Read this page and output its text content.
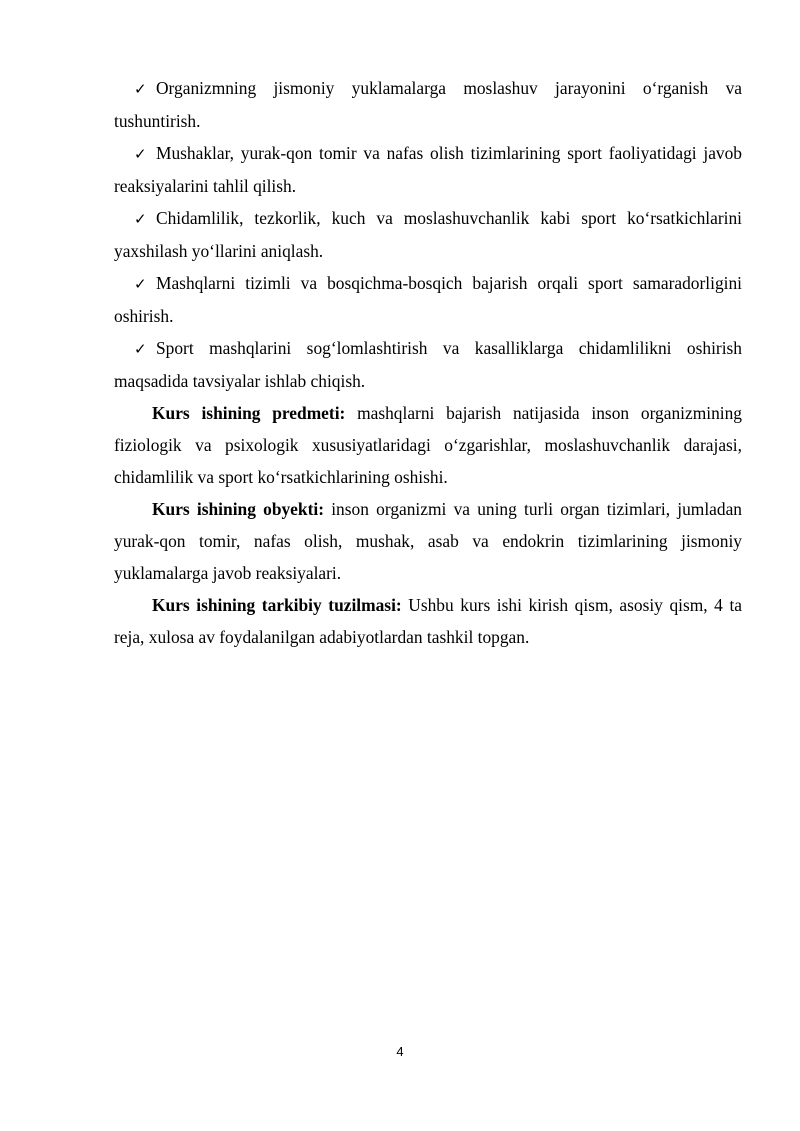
✓ Organizmning jismoniy yuklamalarga moslashuv jarayonini o‘rganish va tushuntirish.

✓ Mushaklar, yurak-qon tomir va nafas olish tizimlarining sport faoliyatidagi javob reaksiyalarini tahlil qilish.

✓ Chidamlilik, tezkorlik, kuch va moslashuvchanlik kabi sport ko‘rsatkichlarini yaxshilash yo‘llarini aniqlash.

✓ Mashqlarni tizimli va bosqichma-bosqich bajarish orqali sport samaradorligini oshirish.

✓ Sport mashqlarini sog‘lomlashtirish va kasalliklarga chidamlilikni oshirish maqsadida tavsiyalar ishlab chiqish.

Kurs ishining predmeti: mashqlarni bajarish natijasida inson organizmining fiziologik va psixologik xususiyatlaridagi o‘zgarishlar, moslashuvchanlik darajasi, chidamlilik va sport ko‘rsatkichlarining oshishi.

Kurs ishining obyekti: inson organizmi va uning turli organ tizimlari, jumladan yurak-qon tomir, nafas olish, mushak, asab va endokrin tizimlarining jismoniy yuklamalarga javob reaksiyalari.

Kurs ishining tarkibiy tuzilmasi: Ushbu kurs ishi kirish qism, asosiy qism, 4 ta reja, xulosa av foydalanilgan adabiyotlardan tashkil topgan.

4
